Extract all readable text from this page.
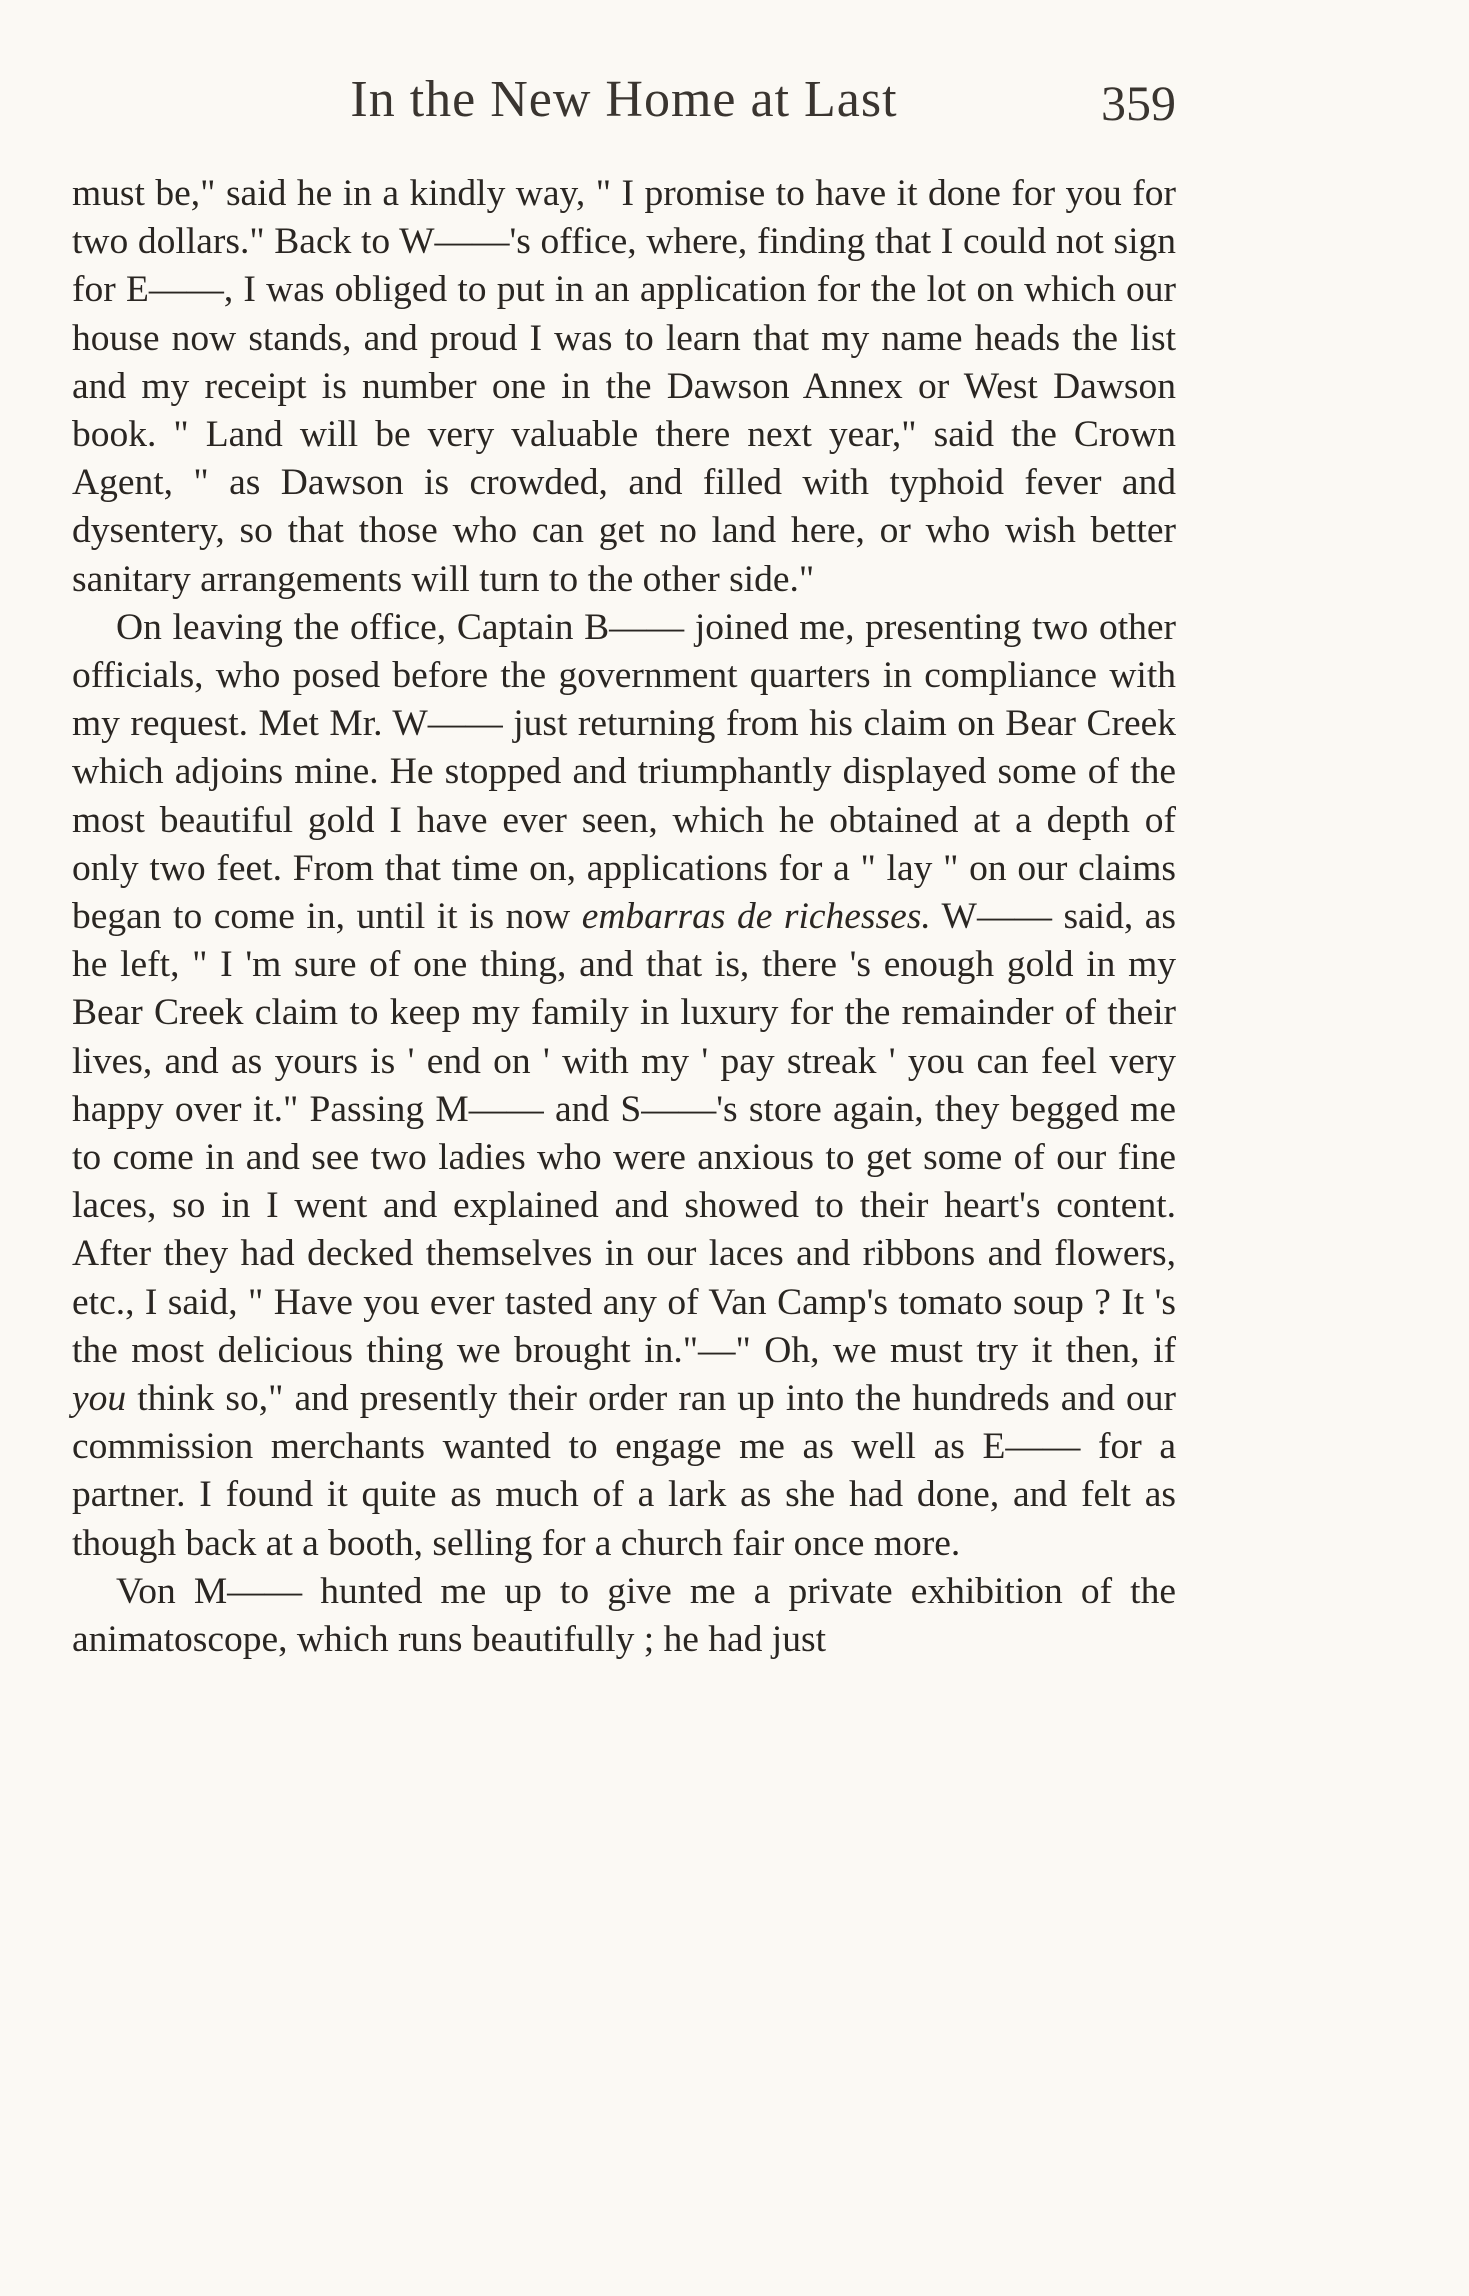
In the New Home at Last	359

must be," said he in a kindly way, " I promise to have it done for you for two dollars." Back to W——'s office, where, finding that I could not sign for E——, I was obliged to put in an application for the lot on which our house now stands, and proud I was to learn that my name heads the list and my receipt is number one in the Dawson Annex or West Dawson book. " Land will be very valuable there next year," said the Crown Agent, " as Dawson is crowded, and filled with typhoid fever and dysentery, so that those who can get no land here, or who wish better sanitary arrangements will turn to the other side."

On leaving the office, Captain B—— joined me, presenting two other officials, who posed before the government quarters in compliance with my request. Met Mr. W—— just returning from his claim on Bear Creek which adjoins mine. He stopped and triumphantly displayed some of the most beautiful gold I have ever seen, which he obtained at a depth of only two feet. From that time on, applications for a " lay " on our claims began to come in, until it is now embarras de richesses. W—— said, as he left, " I 'm sure of one thing, and that is, there 's enough gold in my Bear Creek claim to keep my family in luxury for the remainder of their lives, and as yours is ' end on ' with my ' pay streak ' you can feel very happy over it." Passing M—— and S——'s store again, they begged me to come in and see two ladies who were anxious to get some of our fine laces, so in I went and explained and showed to their heart's content. After they had decked themselves in our laces and ribbons and flowers, etc., I said, " Have you ever tasted any of Van Camp's tomato soup ? It 's the most delicious thing we brought in."—" Oh, we must try it then, if you think so," and presently their order ran up into the hundreds and our commission merchants wanted to engage me as well as E—— for a partner. I found it quite as much of a lark as she had done, and felt as though back at a booth, selling for a church fair once more.

Von M—— hunted me up to give me a private exhibition of the animatoscope, which runs beautifully ; he had just
